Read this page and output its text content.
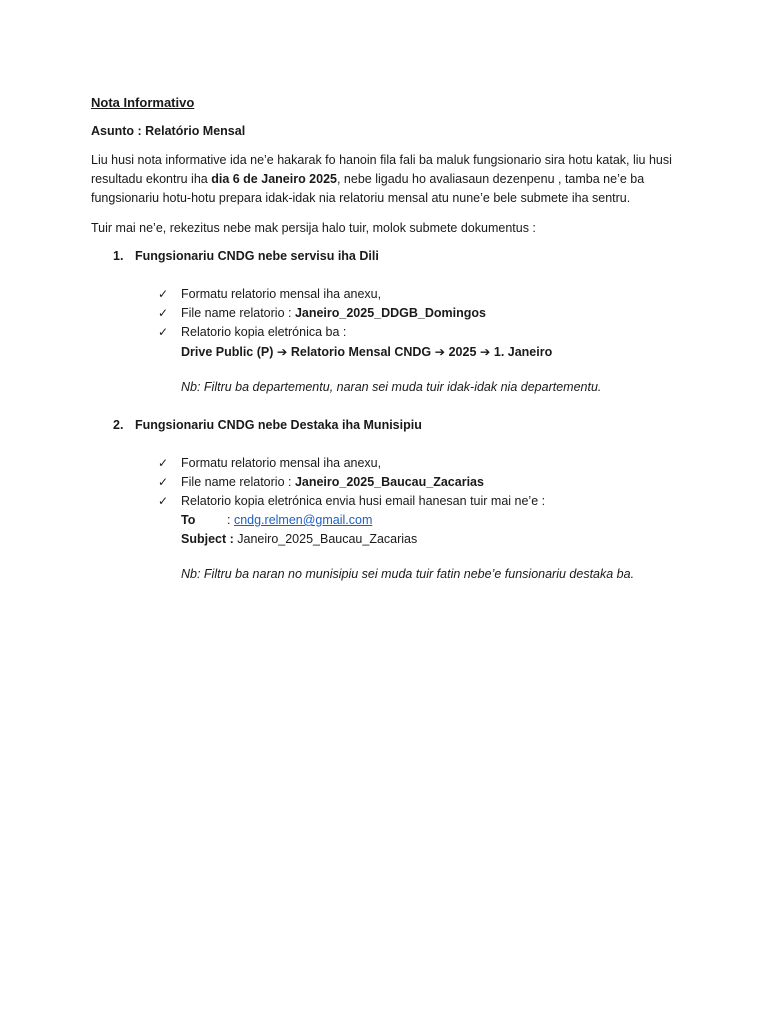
Nota Informativo
Asunto : Relatório Mensal
Liu husi nota informative ida ne’e hakarak fo hanoin fila fali ba maluk fungsionario sira hotu katak, liu husi resultadu ekontru iha dia 6 de Janeiro 2025, nebe ligadu ho avaliasaun dezenpenu , tamba ne’e ba fungsionariu hotu-hotu prepara idak-idak nia relatoriu mensal atu nune’e bele submete iha sentru.
Tuir mai ne’e, rekezitus nebe mak persija halo tuir, molok submete dokumentus :
1. Fungsionariu CNDG nebe servisu iha Dili
✓ Formatu relatorio mensal iha anexu,
✓ File name relatorio : Janeiro_2025_DDGB_Domingos
✓ Relatorio kopia eletrónica ba :
Drive Public (P) ➔ Relatorio Mensal CNDG ➔ 2025 ➔ 1. Janeiro
Nb: Filtru ba departementu, naran sei muda tuir idak-idak nia departementu.
2. Fungsionariu CNDG nebe Destaka iha Munisipiu
✓ Formatu relatorio mensal iha anexu,
✓ File name relatorio : Janeiro_2025_Baucau_Zacarias
✓ Relatorio kopia eletrónica envia husi email hanesan tuir mai ne’e :
To	: cndg.relmen@gmail.com
Subject : Janeiro_2025_Baucau_Zacarias
Nb: Filtru ba naran no munisipiu sei muda tuir fatin nebe’e funsionariu destaka ba.
